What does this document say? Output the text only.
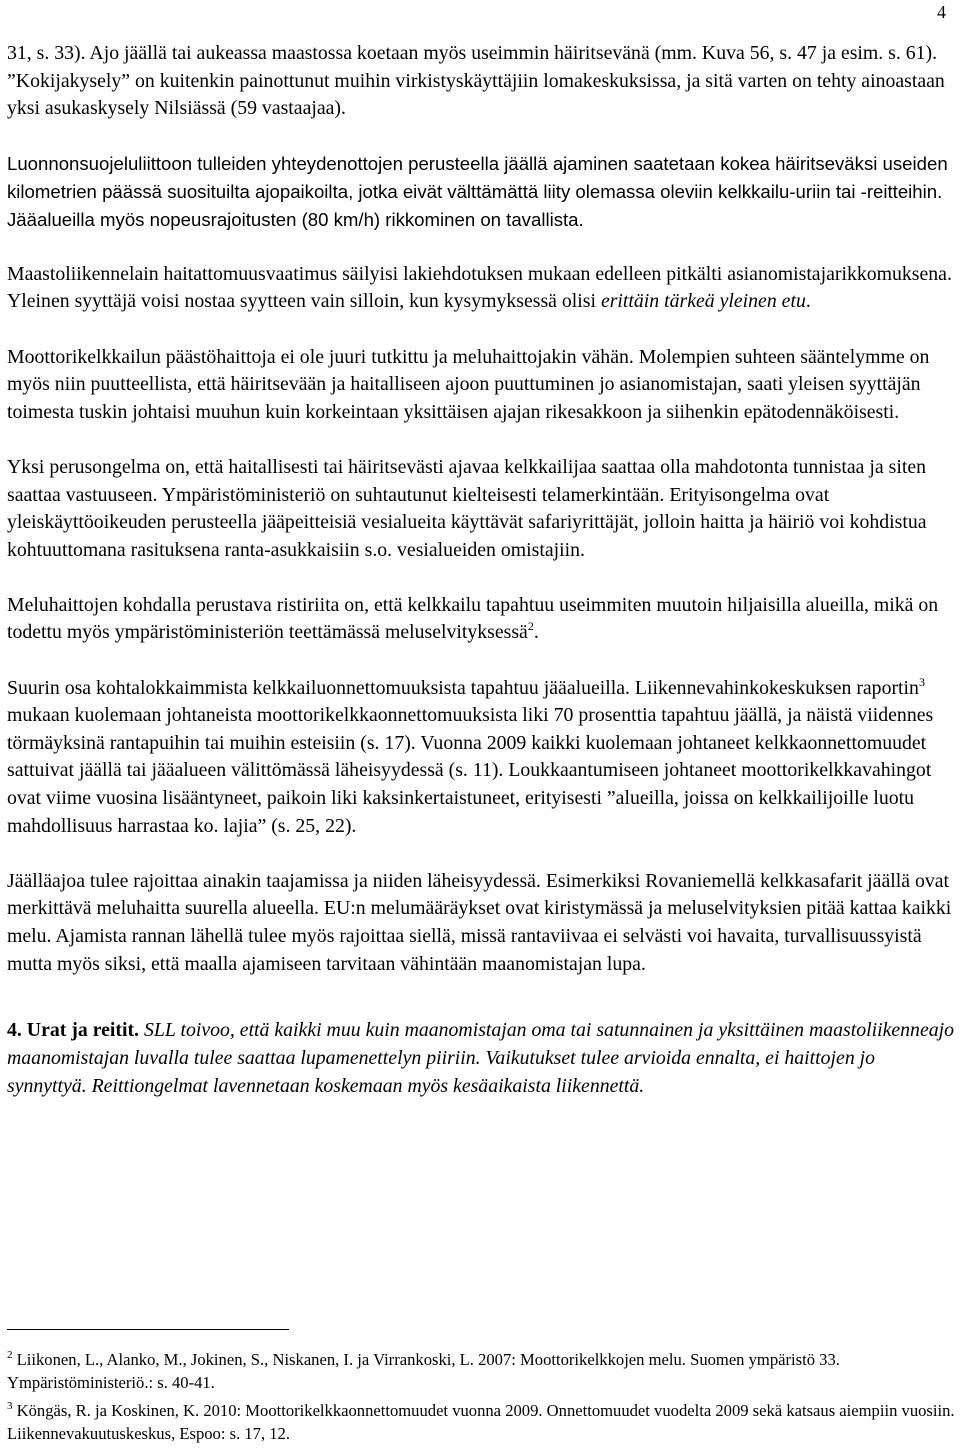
4

31, s. 33). Ajo jäällä tai aukeassa maastossa koetaan myös useimmin häiritsevänä (mm. Kuva 56, s. 47 ja esim. s. 61). ”Kokijakysely” on kuitenkin painottunut muihin virkistyskäyttäjiin lomakeskuksissa, ja sitä varten on tehty ainoastaan yksi asukaskysely Nilsiässä (59 vastaajaa).

Luonnonsuojeluliittoon tulleiden yhteydenottojen perusteella jäällä ajaminen saatetaan kokea häiritseväksi useiden kilometrien päässä suosituilta ajopaikoilta, jotka eivät välttämättä liity olemassa oleviin kelkkailu-uriin tai -reitteihin. Jääalueilla myös nopeusrajoitusten (80 km/h) rikkominen on tavallista.

Maastoliikennelain haitattomuusvaatimus säilyisi lakiehdotuksen mukaan edelleen pitkälti asianomistajarikkomuksena. Yleinen syyttäjä voisi nostaa syytteen vain silloin, kun kysymyksessä olisi erittäin tärkeä yleinen etu.

Moottorikelkkailun päästöhaittoja ei ole juuri tutkittu ja meluhaittojakin vähän. Molempien suhteen sääntelymme on myös niin puutteellista, että häiritsevään ja haitalliseen ajoon puuttuminen jo asianomistajan, saati yleisen syyttäjän toimesta tuskin johtaisi muuhun kuin korkeintaan yksittäisen ajajan rikesakkoon ja siihenkin epätodennäköisesti.

Yksi perusongelma on, että haitallisesti tai häiritsevästi ajavaa kelkkailijaa saattaa olla mahdotonta tunnistaa ja siten saattaa vastuuseen. Ympäristöministeriö on suhtautunut kielteisesti telamerkintään. Erityisongelma ovat yleiskäyttöoikeuden perusteella jääpeitteisiä vesialueita käyttävät safariyrittäjät, jolloin haitta ja häiriö voi kohdistua kohtuuttomana rasituksena ranta-asukkaisiin s.o. vesialueiden omistajiin.

Meluhaittojen kohdalla perustava ristiriita on, että kelkkailu tapahtuu useimmiten muutoin hiljaisilla alueilla, mikä on todettu myös ympäristöministeriön teettämässä meluselvityksessä$^2$.

Suurin osa kohtalokkaimmista kelkkailuonnettomuuksista tapahtuu jääalueilla. Liikennevahinkokeskuksen raportin$^3$ mukaan kuolemaan johtaneista moottorikelkkaonnettomuuksista liki 70 prosenttia tapahtuu jäällä, ja näistä viidennes törmäyksinä rantapuihin tai muihin esteisiin (s. 17). Vuonna 2009 kaikki kuolemaan johtaneet kelkkaonnettomuudet sattuivat jäällä tai jääalueen välittömässä läheisyydessä (s. 11). Loukkaantumiseen johtaneet moottorikelkkavahingot ovat viime vuosina lisääntyneet, paikoin liki kaksinkertaistuneet, erityisesti ”alueilla, joissa on kelkkailijoille luotu mahdollisuus harrastaa ko. lajia” (s. 25, 22).

Jäälläajoa tulee rajoittaa ainakin taajamissa ja niiden läheisyydessä. Esimerkiksi Rovaniemellä kelkkasafarit jäällä ovat merkittävä meluhaitta suurella alueella. EU:n melumääräykset ovat kiristymässä ja meluselvityksien pitää kattaa kaikki melu. Ajamista rannan lähellä tulee myös rajoittaa siellä, missä rantaviivaa ei selvästi voi havaita, turvallisuussyistä mutta myös siksi, että maalla ajamiseen tarvitaan vähintään maanomistajan lupa.

4. Urat ja reitit. SLL toivoo, että kaikki muu kuin maanomistajan oma tai satunnainen ja yksittäinen maastoliikenneajo maanomistajan luvalla tulee saattaa lupamenettelyn piiriin. Vaikutukset tulee arvioida ennalta, ei haittojen jo synnyttyä. Reittiongelmat lavennetaan koskemaan myös kesäaikaista liikennettä.

$^2$ Liikonen, L., Alanko, M., Jokinen, S., Niskanen, I. ja Virrankoski, L. 2007: Moottorikelkkojen melu. Suomen ympäristö 33. Ympäristöministeriö.: s. 40-41.

$^3$ Köngäs, R. ja Koskinen, K. 2010: Moottorikelkkaonnettomuudet vuonna 2009. Onnettomuudet vuodelta 2009 sekä katsaus aiempiin vuosiin. Liikennevakuutuskeskus, Espoo: s. 17, 12.
